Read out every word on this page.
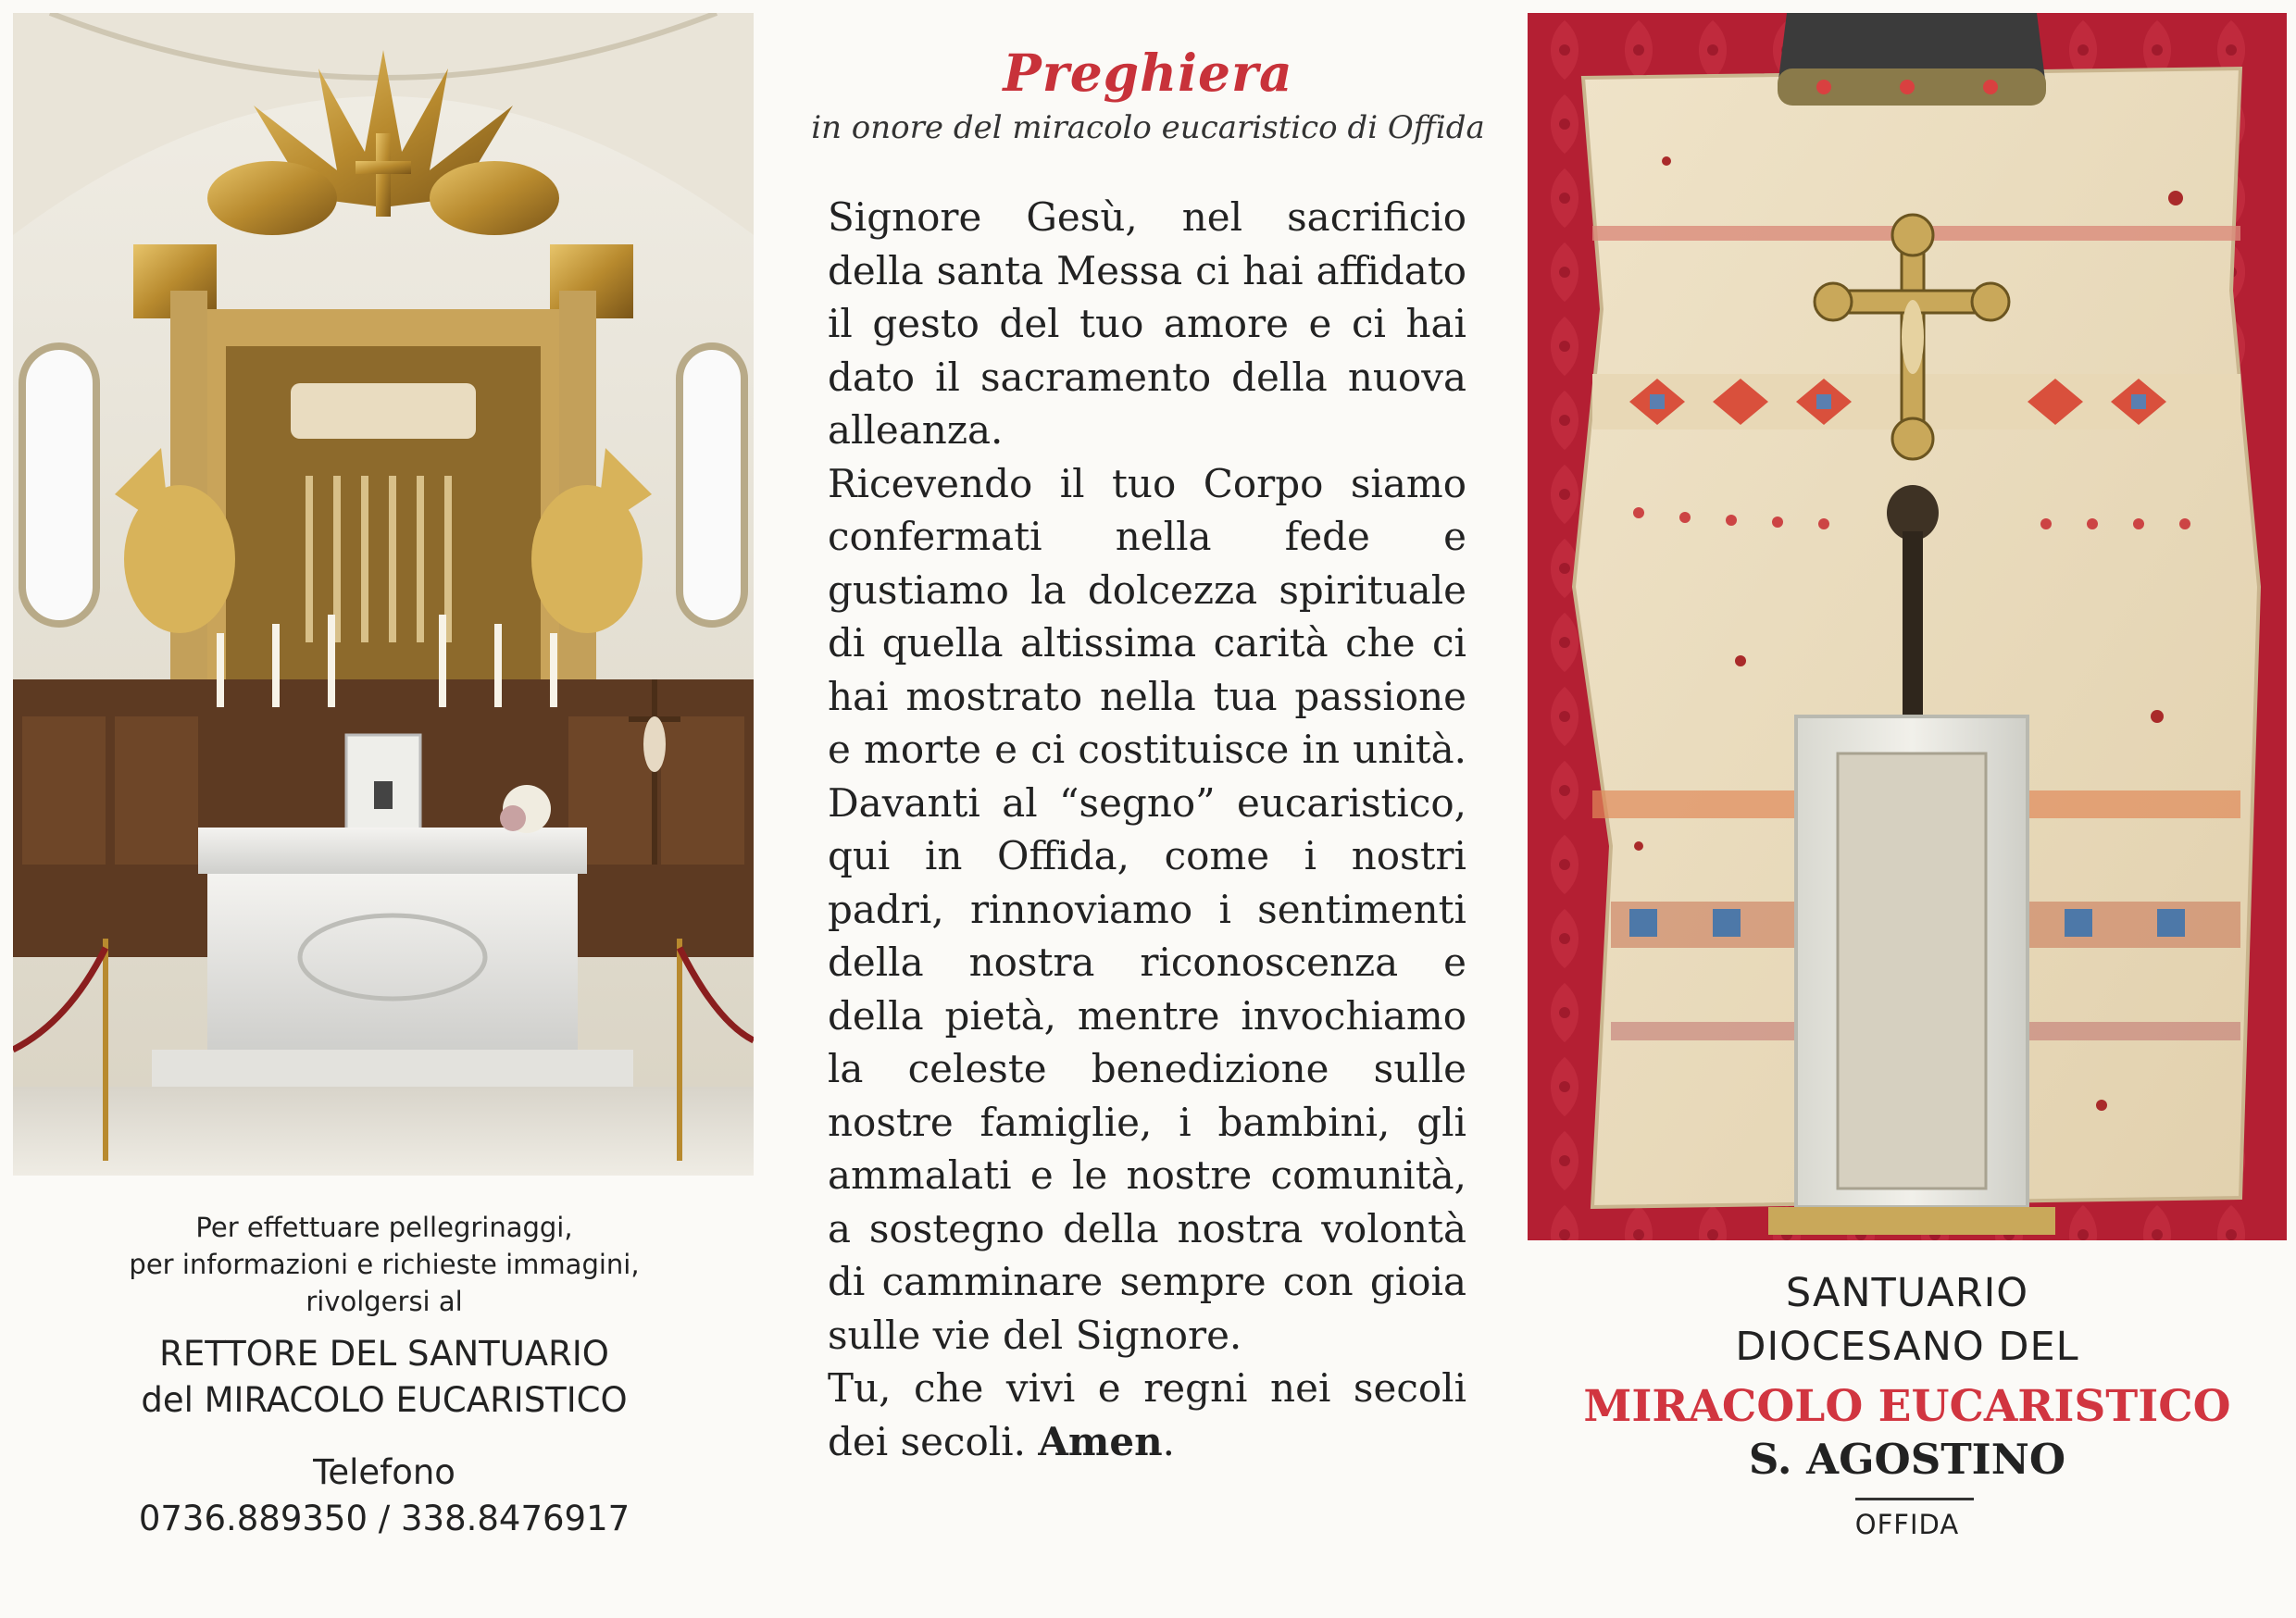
Per effettuare pellegrinaggi,
per informazioni e richieste immagini,
rivolgersi al
RETTORE DEL SANTUARIO
del MIRACOLO EUCARISTICO
Telefono
0736.889350 / 338.8476917
Preghiera
in onore del miracolo eucaristico di Offida

Signore Gesù, nel sacrificio della santa Messa ci hai affidato il gesto del tuo amore e ci hai dato il sacramento della nuova alleanza.

Ricevendo il tuo Corpo siamo confermati nella fede e gustiamo la dolcezza spirituale di quella altissima carità che ci hai mostrato nella tua passione e morte e ci costituisce in unità. Davanti al “segno” eucaristico, qui in Offida, come i nostri padri, rinnoviamo i sentimenti della nostra riconoscenza e della pietà, mentre invochiamo la celeste benedizione sulle nostre famiglie, i bambini, gli ammalati e le nostre comunità, a sostegno della nostra volontà di camminare sempre con gioia sulle vie del Signore.

Tu, che vivi e regni nei secoli dei secoli. Amen.

SANTUARIO
DIOCESANO DEL
MIRACOLO EUCARISTICO
S. AGOSTINO
OFFIDA
